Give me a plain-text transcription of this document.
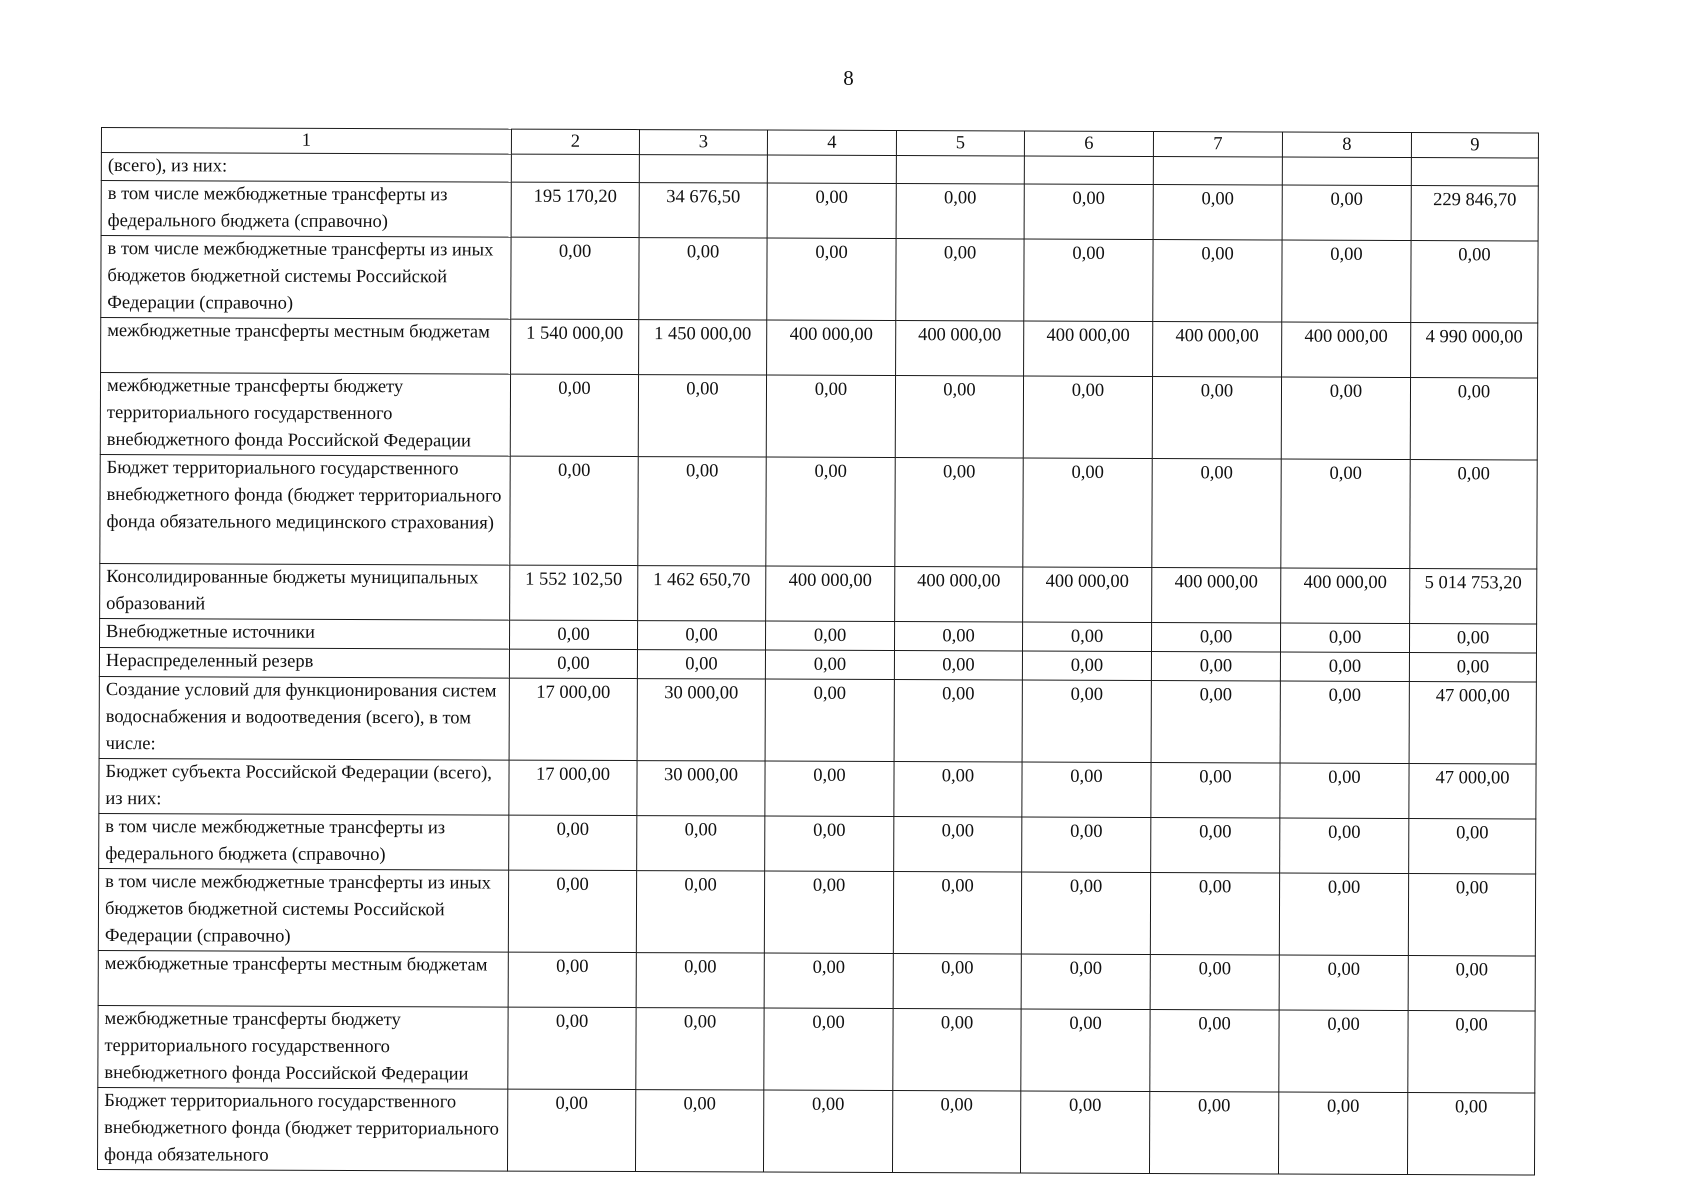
8
1	2	3	4	5	6	7	8	9
(всего), из них:								
в том числе межбюджетные трансферты из федерального бюджета (справочно)	195 170,20	34 676,50	0,00	0,00	0,00	0,00	0,00	229 846,70
в том числе межбюджетные трансферты из иных бюджетов бюджетной системы Российской Федерации (справочно)	0,00	0,00	0,00	0,00	0,00	0,00	0,00	0,00
межбюджетные трансферты местным бюджетам	1 540 000,00	1 450 000,00	400 000,00	400 000,00	400 000,00	400 000,00	400 000,00	4 990 000,00
межбюджетные трансферты бюджету территориального государственного внебюджетного фонда Российской Федерации	0,00	0,00	0,00	0,00	0,00	0,00	0,00	0,00
Бюджет территориального государственного внебюджетного фонда (бюджет территориального фонда обязательного медицинского страхования)	0,00	0,00	0,00	0,00	0,00	0,00	0,00	0,00
Консолидированные бюджеты муниципальных образований	1 552 102,50	1 462 650,70	400 000,00	400 000,00	400 000,00	400 000,00	400 000,00	5 014 753,20
Внебюджетные источники	0,00	0,00	0,00	0,00	0,00	0,00	0,00	0,00
Нераспределенный резерв	0,00	0,00	0,00	0,00	0,00	0,00	0,00	0,00
Создание условий для функционирования систем водоснабжения и водоотведения (всего), в том числе:	17 000,00	30 000,00	0,00	0,00	0,00	0,00	0,00	47 000,00
Бюджет субъекта Российской Федерации (всего), из них:	17 000,00	30 000,00	0,00	0,00	0,00	0,00	0,00	47 000,00
в том числе межбюджетные трансферты из федерального бюджета (справочно)	0,00	0,00	0,00	0,00	0,00	0,00	0,00	0,00
в том числе межбюджетные трансферты из иных бюджетов бюджетной системы Российской Федерации (справочно)	0,00	0,00	0,00	0,00	0,00	0,00	0,00	0,00
межбюджетные трансферты местным бюджетам	0,00	0,00	0,00	0,00	0,00	0,00	0,00	0,00
межбюджетные трансферты бюджету территориального государственного внебюджетного фонда Российской Федерации	0,00	0,00	0,00	0,00	0,00	0,00	0,00	0,00
Бюджет территориального государственного внебюджетного фонда (бюджет территориального фонда обязательного	0,00	0,00	0,00	0,00	0,00	0,00	0,00	0,00
